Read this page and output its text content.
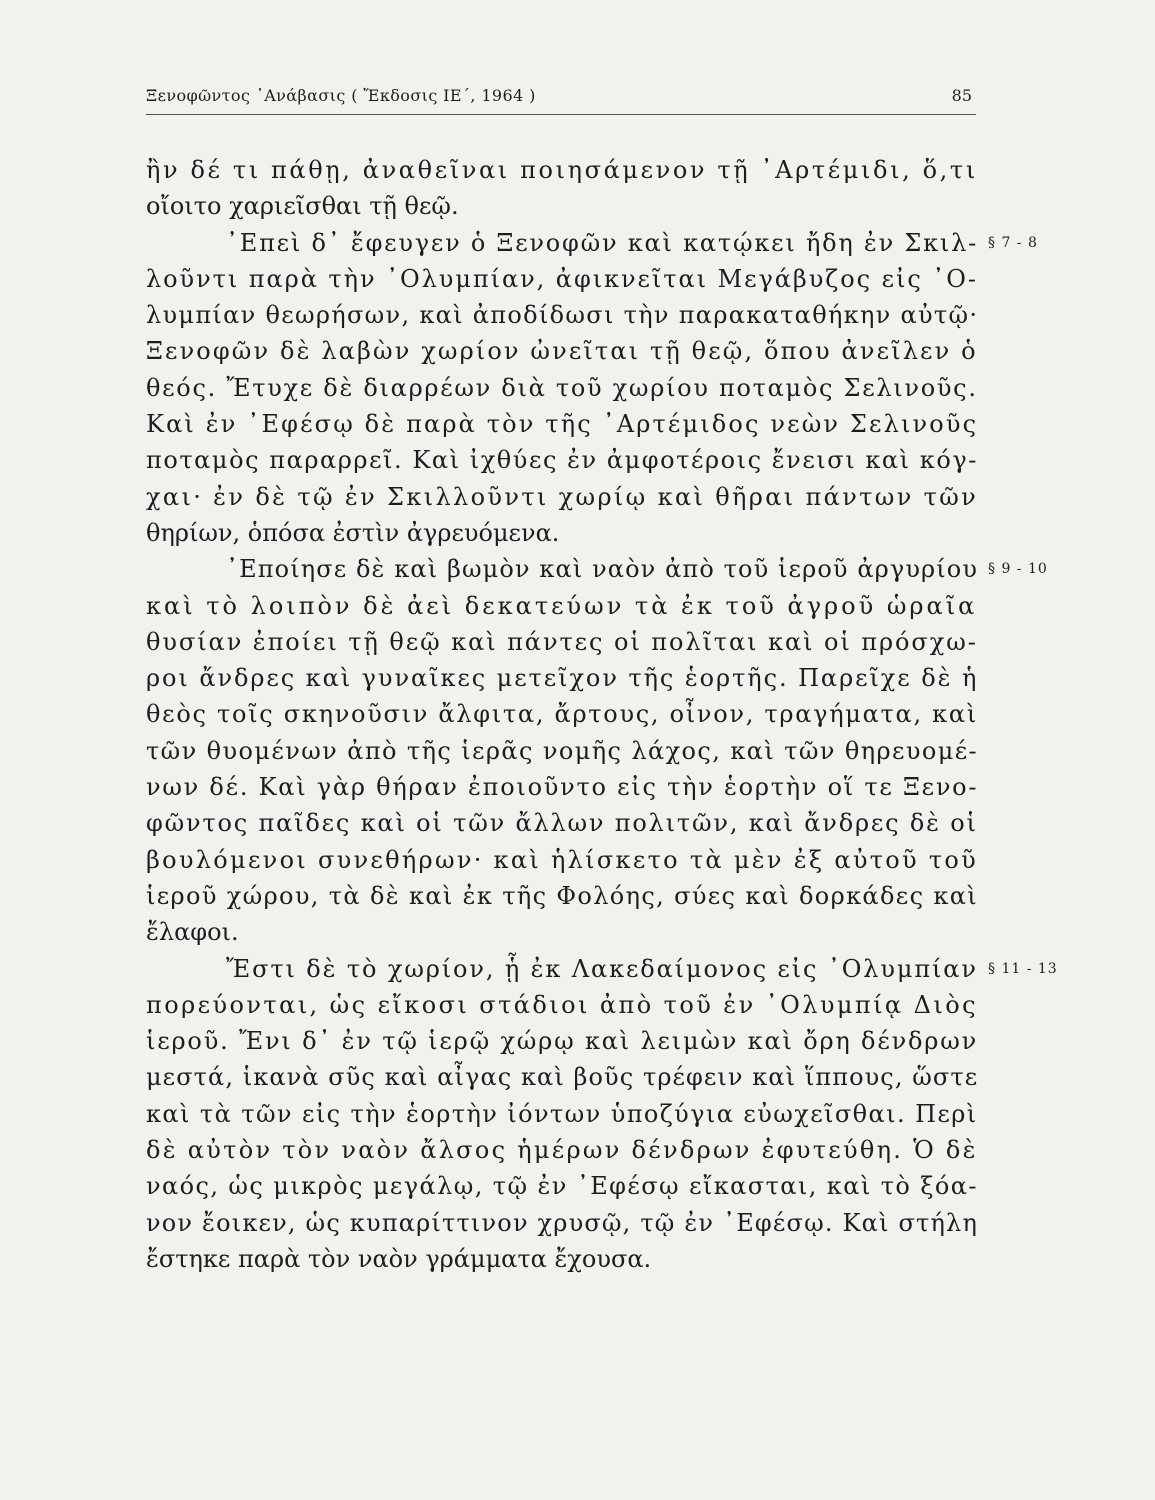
Ξενοφῶντος ᾿Ανάβασις ( Ἔκδοσις ΙΕ΄, 1964 )	85
ἢν δέ τι πάθῃ, ἀναθεῖναι ποιησάμενον τῇ ᾿Αρτέμιδι, ὅ,τι
οἴοιτο χαριεῖσθαι τῇ θεῷ.
᾿Επεὶ δ᾿ ἔφευγεν ὁ Ξενοφῶν καὶ κατῴκει ἤδη ἐν Σκιλ- § 7 - 8
λοῦντι παρὰ τὴν ᾿Ολυμπίαν, ἀφικνεῖται Μεγάβυζος εἰς ᾿Ο- λυμπίαν θεωρήσων, καὶ ἀποδίδωσι τὴν παρακαταθήκην αὐτῷ· Ξενοφῶν δὲ λαβὼν χωρίον ὠνεῖται τῇ θεῷ, ὅπου ἀνεῖλεν ὁ θεός. Ἔτυχε δὲ διαρρέων διὰ τοῦ χωρίου ποταμὸς Σελινοῦς. Καὶ ἐν ᾿Εφέσῳ δὲ παρὰ τὸν τῆς ᾿Αρτέμιδος νεὼν Σελινοῦς ποταμὸς παραρρεῖ. Καὶ ἰχθύες ἐν ἀμφοτέροις ἔνεισι καὶ κόγ- χαι· ἐν δὲ τῷ ἐν Σκιλλοῦντι χωρίῳ καὶ θῆραι πάντων τῶν
θηρίων, ὁπόσα ἐστὶν ἀγρευόμενα.
᾿Εποίησε δὲ καὶ βωμὸν καὶ ναὸν ἀπὸ τοῦ ἱεροῦ ἀργυρίου § 9 - 10
καὶ τὸ λοιπὸν δὲ ἀεὶ δεκατεύων τὰ ἐκ τοῦ ἀγροῦ ὡραῖα θυσίαν ἐποίει τῇ θεῷ καὶ πάντες οἱ πολῖται καὶ οἱ πρόσχω- ροι ἄνδρες καὶ γυναῖκες μετεῖχον τῆς ἑορτῆς. Παρεῖχε δὲ ἡ θεὸς τοῖς σκηνοῦσιν ἄλφιτα, ἄρτους, οἶνον, τραγήματα, καὶ τῶν θυομένων ἀπὸ τῆς ἱερᾶς νομῆς λάχος, καὶ τῶν θηρευομέ- νων δέ. Καὶ γὰρ θήραν ἐποιοῦντο εἰς τὴν ἑορτὴν οἵ τε Ξενο- φῶντος παῖδες καὶ οἱ τῶν ἄλλων πολιτῶν, καὶ ἄνδρες δὲ οἱ βουλόμενοι συνεθήρων· καὶ ἡλίσκετο τὰ μὲν ἐξ αὐτοῦ τοῦ ἱεροῦ χώρου, τὰ δὲ καὶ ἐκ τῆς Φολόης, σύες καὶ δορκάδες καὶ
ἔλαφοι.
Ἔστι δὲ τὸ χωρίον, ᾗ ἐκ Λακεδαίμονος εἰς ᾿Ολυμπίαν § 11 - 13
πορεύονται, ὡς εἴκοσι στάδιοι ἀπὸ τοῦ ἐν ᾿Ολυμπίᾳ Διὸς ἱεροῦ. Ἔνι δ᾿ ἐν τῷ ἱερῷ χώρῳ καὶ λειμὼν καὶ ὄρη δένδρων μεστά, ἱκανὰ σῦς καὶ αἶγας καὶ βοῦς τρέφειν καὶ ἵππους, ὥστε καὶ τὰ τῶν εἰς τὴν ἑορτὴν ἰόντων ὑποζύγια εὐωχεῖσθαι. Περὶ δὲ αὐτὸν τὸν ναὸν ἄλσος ἡμέρων δένδρων ἐφυτεύθη. Ὁ δὲ ναός, ὡς μικρὸς μεγάλῳ, τῷ ἐν ᾿Εφέσῳ εἴκασται, καὶ τὸ ξόα- νον ἔοικεν, ὡς κυπαρίττινον χρυσῷ, τῷ ἐν ᾿Εφέσῳ. Καὶ στήλη
ἔστηκε παρὰ τὸν ναὸν γράμματα ἔχουσα.
